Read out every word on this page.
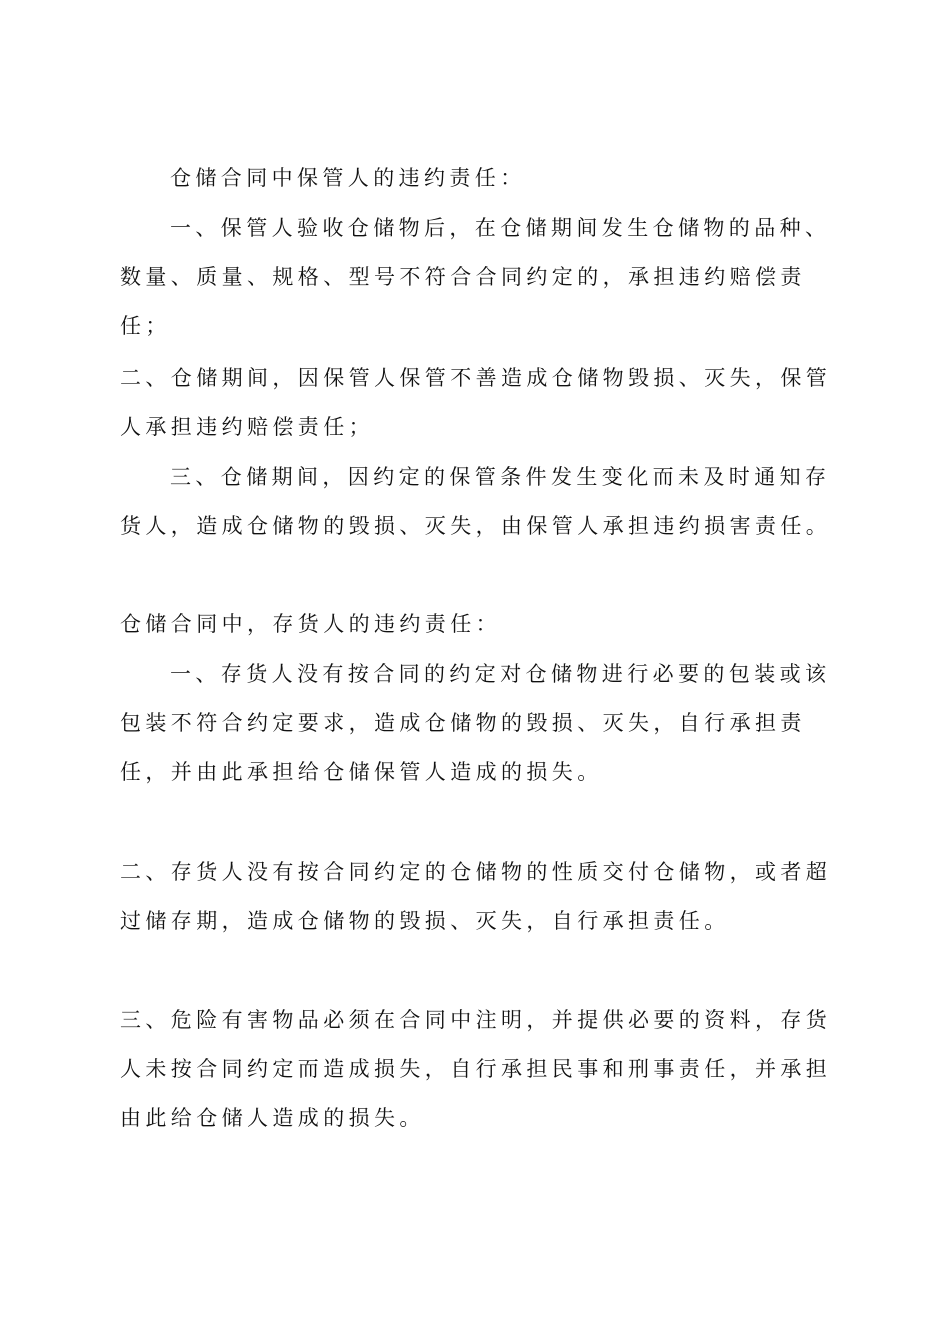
仓储合同中保管人的违约责任：

一、保管人验收仓储物后，在仓储期间发生仓储物的品种、数量、质量、规格、型号不符合合同约定的，承担违约赔偿责任；

二、仓储期间，因保管人保管不善造成仓储物毁损、灭失，保管人承担违约赔偿责任；

三、仓储期间，因约定的保管条件发生变化而未及时通知存货人，造成仓储物的毁损、灭失，由保管人承担违约损害责任。

仓储合同中，存货人的违约责任：

一、存货人没有按合同的约定对仓储物进行必要的包装或该包装不符合约定要求，造成仓储物的毁损、灭失，自行承担责任，并由此承担给仓储保管人造成的损失。

二、存货人没有按合同约定的仓储物的性质交付仓储物，或者超过储存期，造成仓储物的毁损、灭失，自行承担责任。

三、危险有害物品必须在合同中注明，并提供必要的资料，存货人未按合同约定而造成损失，自行承担民事和刑事责任，并承担由此给仓储人造成的损失。
